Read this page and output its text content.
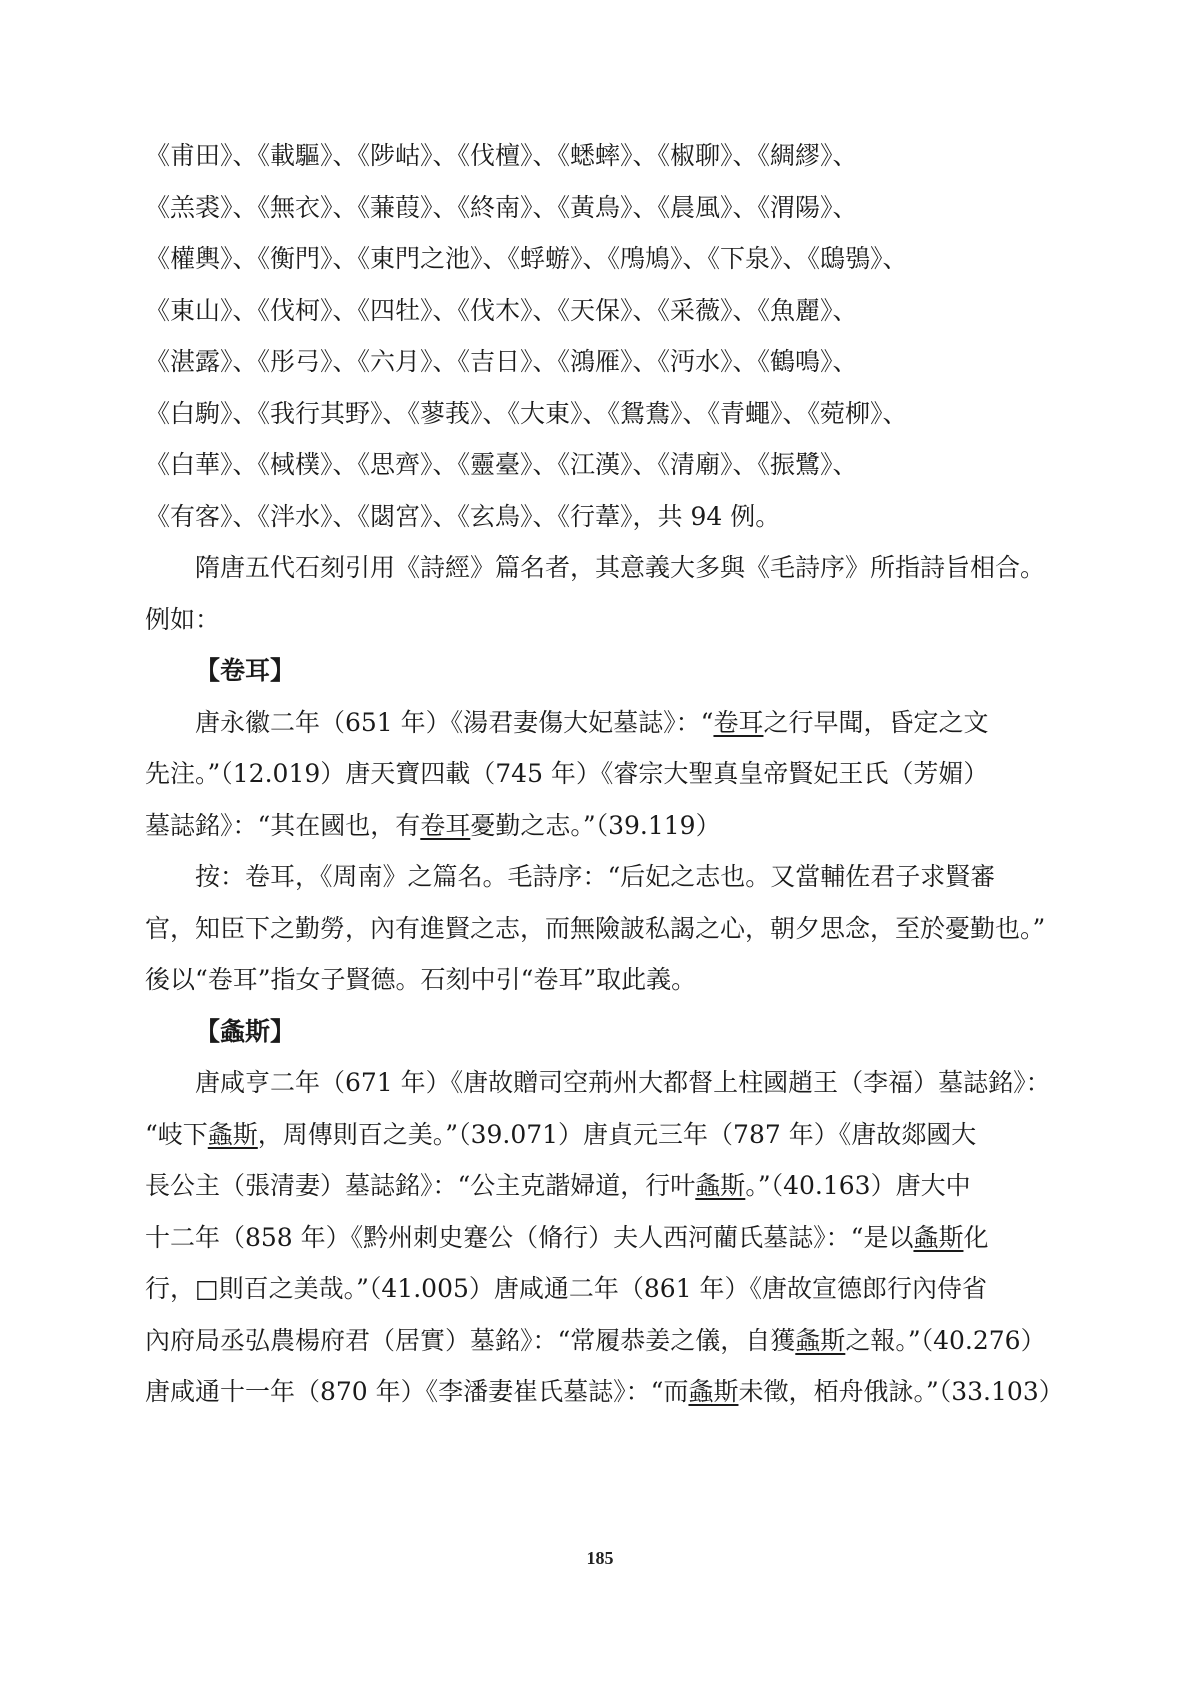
《甫田》、《載驅》、《陟岵》、《伐檀》、《蟋蟀》、《椒聊》、《綢繆》、
《羔裘》、《無衣》、《蒹葭》、《終南》、《黃鳥》、《晨風》、《渭陽》、
《權輿》、《衡門》、《東門之池》、《蜉蝣》、《鳲鳩》、《下泉》、《鴟鴞》、
《東山》、《伐柯》、《四牡》、《伐木》、《天保》、《采薇》、《魚麗》、
《湛露》、《彤弓》、《六月》、《吉日》、《鴻雁》、《沔水》、《鶴鳴》、
《白駒》、《我行其野》、《蓼莪》、《大東》、《鴛鴦》、《青蠅》、《菀柳》、
《白華》、《棫樸》、《思齊》、《靈臺》、《江漢》、《清廟》、《振鷺》、
《有客》、《泮水》、《閟宮》、《玄鳥》、《行葦》，共 94 例。
隋唐五代石刻引用《詩經》篇名者，其意義大多與《毛詩序》所指詩旨相合。
例如：
【卷耳】
唐永徽二年（651 年）《湯君妻傷大妃墓誌》：“卷耳之行早聞，昏定之文
先注。”（12.019）唐天寶四載（745 年）《睿宗大聖真皇帝賢妃王氏（芳媚）
墓誌銘》：“其在國也，有卷耳憂勤之志。”（39.119）
按：卷耳，《周南》之篇名。毛詩序：“后妃之志也。又當輔佐君子求賢審
官，知臣下之勤勞，內有進賢之志，而無險詖私謁之心，朝夕思念，至於憂勤也。”
後以“卷耳”指女子賢德。石刻中引“卷耳”取此義。
【螽斯】
唐咸亨二年（671 年）《唐故贈司空荊州大都督上柱國趙王（李福）墓誌銘》：
“岐下螽斯，周傳則百之美。”（39.071）唐貞元三年（787 年）《唐故郯國大
長公主（張清妻）墓誌銘》：“公主克諧婦道，行叶螽斯。”（40.163）唐大中
十二年（858 年）《黔州刺史蹇公（脩行）夫人西河藺氏墓誌》：“是以螽斯化
行，□則百之美哉。”（41.005）唐咸通二年（861 年）《唐故宣德郎行內侍省
內府局丞弘農楊府君（居實）墓銘》：“常履恭姜之儀，自獲螽斯之報。”（40.276）
唐咸通十一年（870 年）《李潘妻崔氏墓誌》：“而螽斯未徵，栢舟俄詠。”（33.103）
185
